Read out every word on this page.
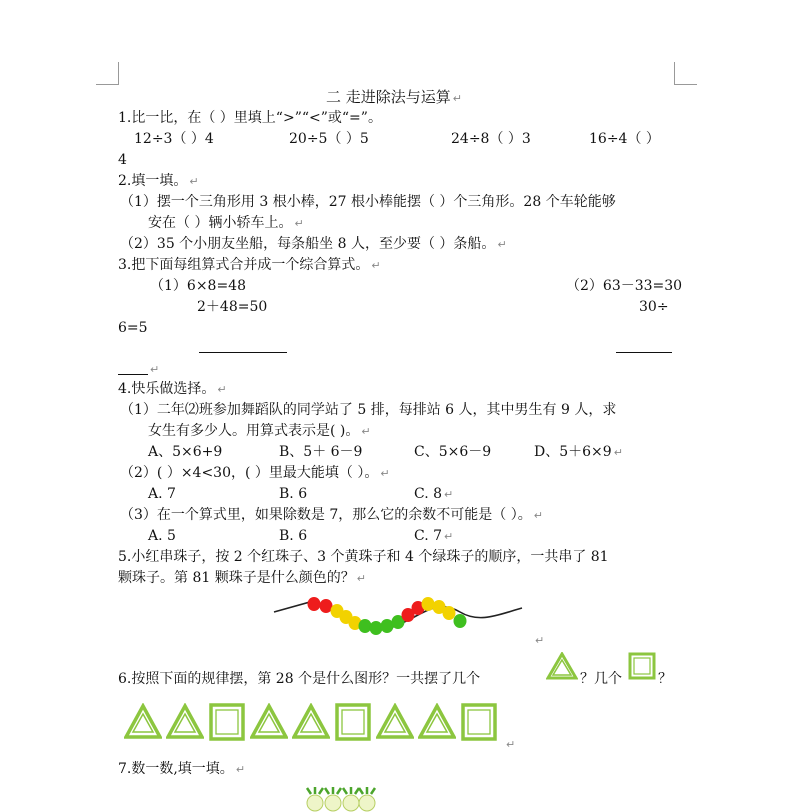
二 走进除法与运算 ↵
1.比一比，在（ ）里填上“>”“<”或“=”。
12÷3（ ）4	20÷5（ ）5	24÷8（ ）3	16÷4（ ）
4
2.填一填。 ↵
（1）摆一个三角形用 3 根小棒，27 根小棒能摆（ ）个三角形。28 个车轮能够
安在（ ）辆小轿车上。 ↵
（2）35 个小朋友坐船，每条船坐 8 人，至少要（ ）条船。 ↵
3.把下面每组算式合并成一个综合算式。 ↵
（1）6×8=48	（2）63－33=30
2＋48=50	30÷
6=5
↵
4.快乐做选择。 ↵
（1）二年⑵班参加舞蹈队的同学站了 5 排，每排站 6 人，其中男生有 9 人，求
女生有多少人。用算式表示是( )。 ↵
A、5×6+9	B、5＋ 6－9	C、5×6－9	D、5＋6×9 ↵
（2）( ）×4<30，( ）里最大能填（ ）。 ↵
A. 7	B. 6	C. 8 ↵
（3）在一个算式里，如果除数是 7，那么它的余数不可能是（ ）。 ↵
A. 5	B. 6	C. 7 ↵
5.小红串珠子，按 2 个红珠子、3 个黄珠子和 4 个绿珠子的顺序，一共串了 81
颗珠子。第 81 颗珠子是什么颜色的？ ↵
↵
6.按照下面的规律摆，第 28 个是什么图形？一共摆了几个	？几个	？
↵
7.数一数,填一填。 ↵
